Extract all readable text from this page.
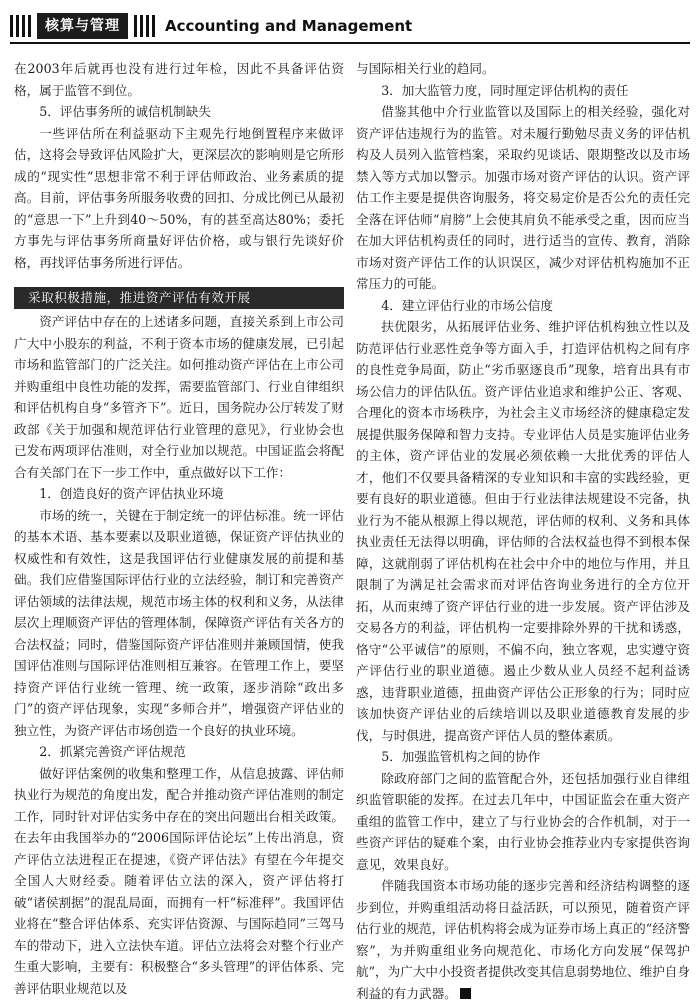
核算与管理	Accounting and Management

在2003年后就再也没有进行过年检，因此不具备评估资格，属于监管不到位。

5．评估事务所的诚信机制缺失

一些评估所在利益驱动下主观先行地倒置程序来做评估，这将会导致评估风险扩大，更深层次的影响则是它所形成的“现实性”思想非常不利于评估师政治、业务素质的提高。目前，评估事务所服务收费的回扣、分成比例已从最初的“意思一下”上升到40～50%，有的甚至高达80%；委托方事先与评估事务所商量好评估价格，或与银行先谈好价格，再找评估事务所进行评估。

采取积极措施，推进资产评估有效开展

资产评估中存在的上述诸多问题，直接关系到上市公司广大中小股东的利益，不利于资本市场的健康发展，已引起市场和监管部门的广泛关注。如何推动资产评估在上市公司并购重组中良性功能的发挥，需要监管部门、行业自律组织和评估机构自身“多管齐下”。近日，国务院办公厅转发了财政部《关于加强和规范评估行业管理的意见》，行业协会也已发布两项评估准则，对全行业加以规范。中国证监会将配合有关部门在下一步工作中，重点做好以下工作：

1．创造良好的资产评估执业环境

市场的统一，关键在于制定统一的评估标准。统一评估的基本术语、基本要素以及职业道德，保证资产评估执业的权威性和有效性，这是我国评估行业健康发展的前提和基础。我们应借鉴国际评估行业的立法经验，制订和完善资产评估领域的法律法规，规范市场主体的权利和义务，从法律层次上理顺资产评估的管理体制，保障资产评估有关各方的合法权益；同时，借鉴国际资产评估准则并兼顾国情，使我国评估准则与国际评估准则相互兼容。在管理工作上，要坚持资产评估行业统一管理、统一政策，逐步消除“政出多门”的资产评估现象，实现“多师合并”，增强资产评估业的独立性，为资产评估市场创造一个良好的执业环境。

2．抓紧完善资产评估规范

做好评估案例的收集和整理工作，从信息披露、评估师执业行为规范的角度出发，配合并推动资产评估准则的制定工作，同时针对评估实务中存在的突出问题出台相关政策。在去年由我国举办的“2006国际评估论坛”上传出消息，资产评估立法进程正在提速，《资产评估法》有望在今年提交全国人大财经委。随着评估立法的深入，资产评估将打破“诸侯割据”的混乱局面，而拥有一杆“标准秤”。我国评估业将在“整合评估体系、充实评估资源、与国际趋同”三驾马车的带动下，进入立法快车道。评估立法将会对整个行业产生重大影响，主要有：积极整合“多头管理”的评估体系、完善评估职业规范以及

与国际相关行业的趋同。

3．加大监管力度，同时厘定评估机构的责任

借鉴其他中介行业监管以及国际上的相关经验，强化对资产评估违规行为的监管。对未履行勤勉尽责义务的评估机构及人员列入监管档案，采取约见谈话、限期整改以及市场禁入等方式加以警示。加强市场对资产评估的认识。资产评估工作主要是提供咨询服务，将交易定价是否公允的责任完全落在评估师“肩膀”上会使其肩负不能承受之重，因而应当在加大评估机构责任的同时，进行适当的宣传、教育，消除市场对资产评估工作的认识误区，减少对评估机构施加不正常压力的可能。

4．建立评估行业的市场公信度

扶优限劣，从拓展评估业务、维护评估机构独立性以及防范评估行业恶性竞争等方面入手，打造评估机构之间有序的良性竞争局面，防止“劣币驱逐良币”现象，培育出具有市场公信力的评估队伍。资产评估业追求和维护公正、客观、合理化的资本市场秩序，为社会主义市场经济的健康稳定发展提供服务保障和智力支持。专业评估人员是实施评估业务的主体，资产评估业的发展必须依赖一大批优秀的评估人才，他们不仅要具备精深的专业知识和丰富的实践经验，更要有良好的职业道德。但由于行业法律法规建设不完备，执业行为不能从根源上得以规范，评估师的权利、义务和具体执业责任无法得以明确，评估师的合法权益也得不到根本保障，这就削弱了评估机构在社会中介中的地位与作用，并且限制了为满足社会需求而对评估咨询业务进行的全方位开拓，从而束缚了资产评估行业的进一步发展。资产评估涉及交易各方的利益，评估机构一定要排除外界的干扰和诱惑，恪守“公平诚信”的原则，不偏不向，独立客观，忠实遵守资产评估行业的职业道德。遏止少数从业人员经不起利益诱惑，违背职业道德，扭曲资产评估公正形象的行为；同时应该加快资产评估业的后续培训以及职业道德教育发展的步伐，与时俱进，提高资产评估人员的整体素质。

5．加强监管机构之间的协作

除政府部门之间的监管配合外，还包括加强行业自律组织监管职能的发挥。在过去几年中，中国证监会在重大资产重组的监管工作中，建立了与行业协会的合作机制，对于一些资产评估的疑难个案，由行业协会推荐业内专家提供咨询意见，效果良好。

伴随我国资本市场功能的逐步完善和经济结构调整的逐步到位，并购重组活动将日益活跃，可以预见，随着资产评估行业的规范，评估机构将会成为证券市场上真正的“经济警察”，为并购重组业务向规范化、市场化方向发展“保驾护航”，为广大中小投资者提供改变其信息弱势地位、维护自身利益的有力武器。
